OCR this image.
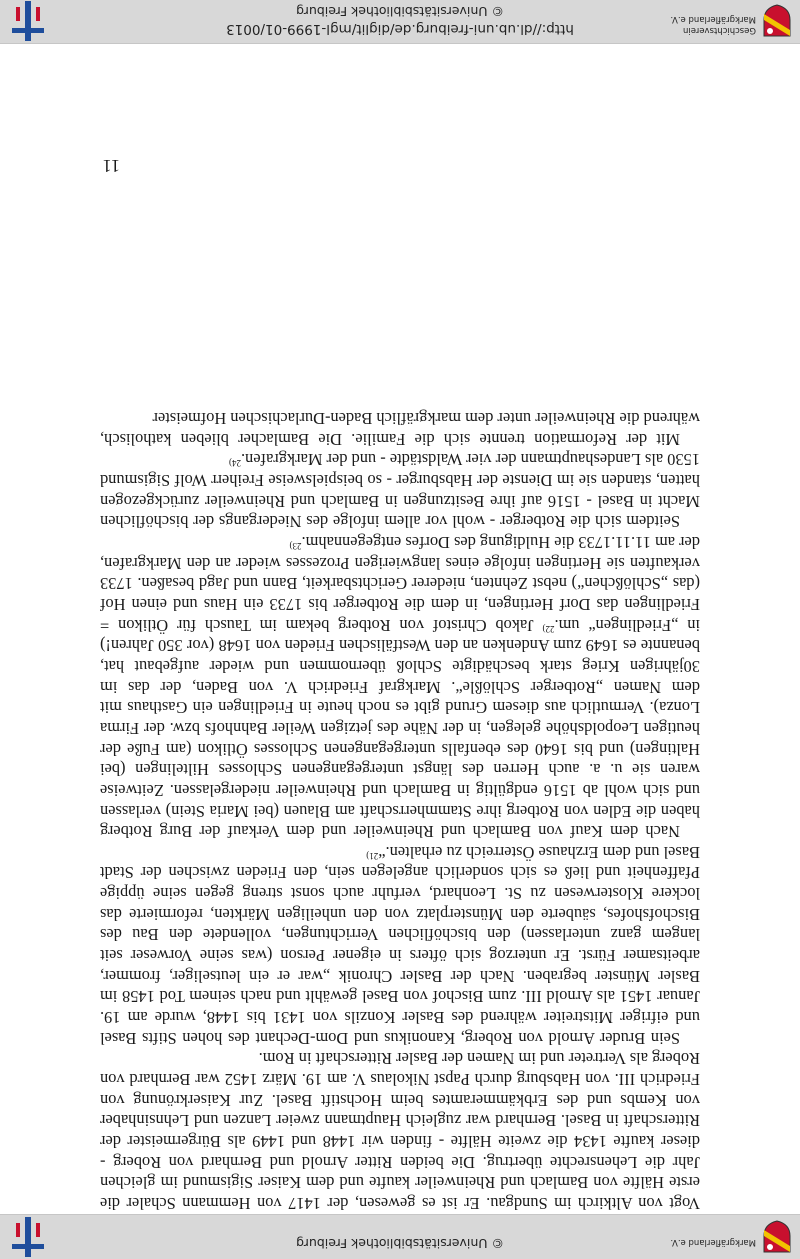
© Universitätsbibliothek Freiburg	Markgräflerland e.V.

Vogt von Altkirch im Sundgau. Er ist es gewesen, der 1417 von Hemmann Schaler die erste Hälfte von Bamlach und Rheinweiler kaufte und dem Kaiser Sigismund im gleichen Jahr die Lehensrechte übertrug. Die beiden Ritter Arnold und Bernhard von Roberg - dieser kaufte 1434 die zweite Hälfte - finden wir 1448 und 1449 als Bürgermeister der Ritterschaft in Basel. Bernhard war zugleich Hauptmann zweier Lanzen und Lehnsinhaber von Kembs und des Erbkämmeramtes beim Hochstift Basel. Zur Kaiserkrönung von Friedrich III. von Habsburg durch Papst Nikolaus V. am 19. März 1452 war Bernhard von Roberg als Vertreter und im Namen der Basler Ritterschaft in Rom.

Sein Bruder Arnold von Roberg, Kanonikus und Dom-Dechant des hohen Stifts Basel und eifriger Mitstreiter während des Basler Konzils von 1431 bis 1448, wurde am 19. Januar 1451 als Arnold III. zum Bischof von Basel gewählt und nach seinem Tod 1458 im Basler Münster begraben. Nach der Basler Chronik „war er ein leutseliger, frommer, arbeitsamer Fürst. Er unterzog sich öfters in eigener Person (was seine Vorweser seit langem ganz unterlassen) den bischöflichen Verrichtungen, vollendete den Bau des Bischofshofes, säuberte den Münsterplatz von den unheiligen Märkten, reformierte das lockere Klosterwesen zu St. Leonhard, verfuhr auch sonst streng gegen seine üppige Pfaffenheit und ließ es sich sonderlich angelegen sein, den Frieden zwischen der Stadt Basel und dem Erzhause Österreich zu erhalten.“$^{21)}$

Nach dem Kauf von Bamlach und Rheinweiler und dem Verkauf der Burg Rotberg haben die Edlen von Rotberg ihre Stammherrschaft am Blauen (bei Maria Stein) verlassen und sich wohl ab 1516 endgültig in Bamlach und Rheinweiler niedergelassen. Zeitweise waren sie u. a. auch Herren des längst untergegangenen Schlosses Hiltelingen (bei Haltingen) und bis 1640 des ebenfalls untergegangenen Schlosses Ötlikon (am Fuße der heutigen Leopoldshöhe gelegen, in der Nähe des jetzigen Weiler Bahnhofs bzw. der Firma Lonza). Vermutlich aus diesem Grund gibt es noch heute in Friedlingen ein Gasthaus mit dem Namen „Rotberger Schlößle“. Markgraf Friedrich V. von Baden, der das im 30jährigen Krieg stark beschädigte Schloß übernommen und wieder aufgebaut hat, benannte es 1649 zum Andenken an den Westfälischen Frieden von 1648 (vor 350 Jahren!) in „Friedlingen“ um.$^{22)}$ Jakob Christof von Rotberg bekam im Tausch für Ötlikon = Friedlingen das Dorf Hertingen, in dem die Rotberger bis 1733 ein Haus und einen Hof (das „Schlößchen“) nebst Zehnten, niederer Gerichtsbarkeit, Bann und Jagd besaßen. 1733 verkauften sie Hertingen infolge eines langwierigen Prozesses wieder an den Markgrafen, der am 11.11.1733 die Huldigung des Dorfes entgegennahm.$^{23)}$

Seitdem sich die Rotberger - wohl vor allem infolge des Niedergangs der bischöflichen Macht in Basel - 1516 auf ihre Besitzungen in Bamlach und Rheinweiler zurückgezogen hatten, standen sie im Dienste der Habsburger - so beispielsweise Freiherr Wolf Sigismund 1530 als Landeshauptmann der vier Waldstädte - und der Markgrafen.$^{24)}$

Mit der Reformation trennte sich die Familie. Die Bamlacher blieben katholisch, während die Rheinweiler unter dem markgräflich Baden-Durlachischen Hofmeister

11
http://dl.ub.uni-freiburg.de/diglit/mgl-1999-01/0013
© Universitätsbibliothek Freiburg
Geschichtsverein
Markgräflerland e.V.
